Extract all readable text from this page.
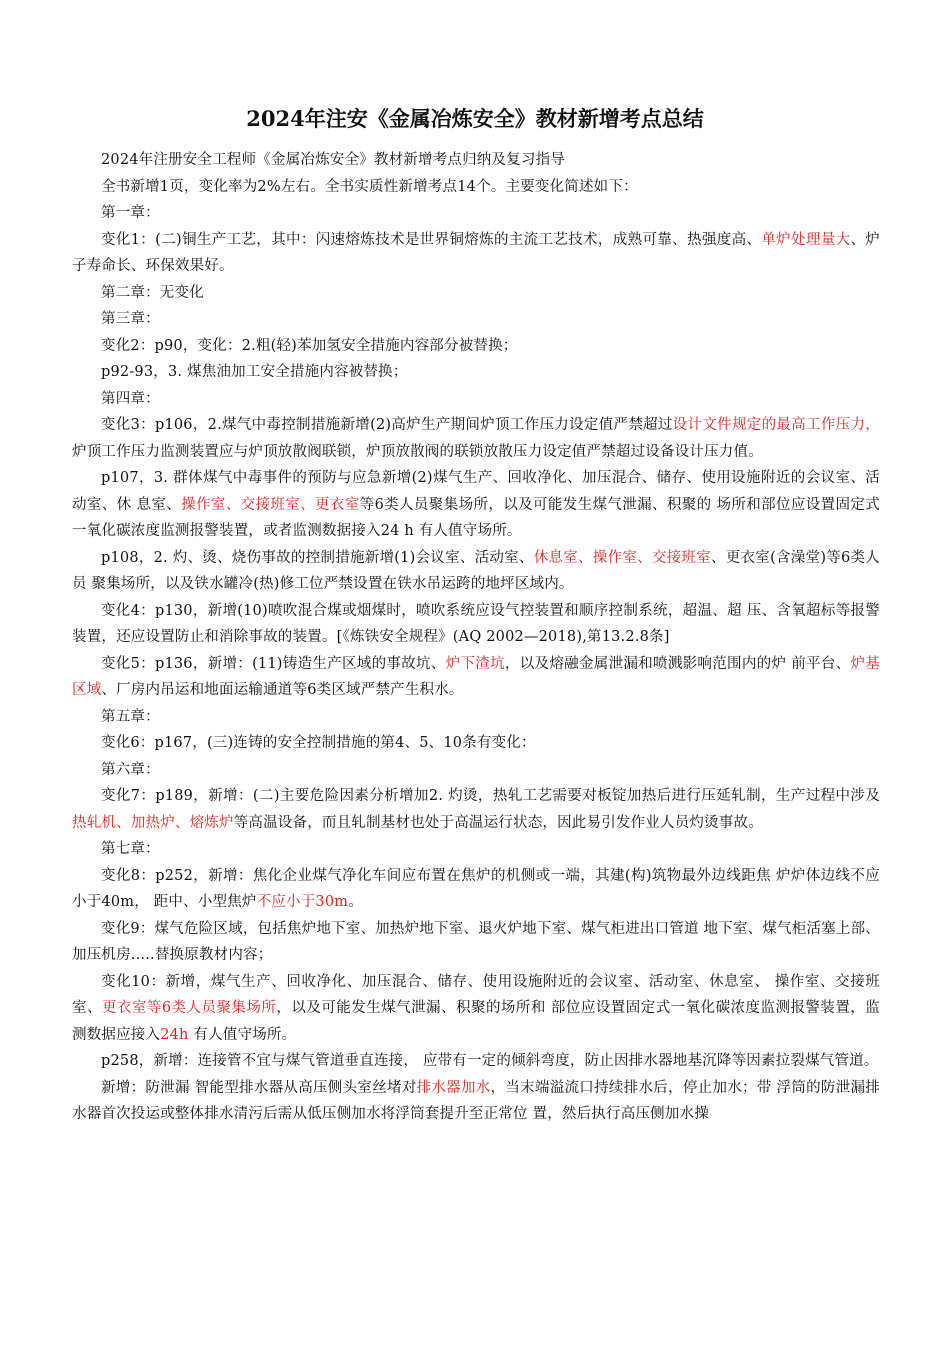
2024年注安《金属冶炼安全》教材新增考点总结

2024年注册安全工程师《金属冶炼安全》教材新增考点归纳及复习指导

全书新增1页，变化率为2%左右。全书实质性新增考点14个。主要变化简述如下：

第一章：

变化1：(二)铜生产工艺，其中：闪速熔炼技术是世界铜熔炼的主流工艺技术，成熟可靠、热强度高、单炉处理量大、炉子寿命长、环保效果好。

第二章：无变化

第三章：

变化2：p90，变化：2.粗(轻)苯加氢安全措施内容部分被替换；

p92-93，3. 煤焦油加工安全措施内容被替换；

第四章：

变化3：p106，2.煤气中毒控制措施新增(2)高炉生产期间炉顶工作压力设定值严禁超过设计文件规定的最高工作压力，炉顶工作压力监测装置应与炉顶放散阀联锁，炉顶放散阀的联锁放散压力设定值严禁超过设备设计压力值。

p107，3. 群体煤气中毒事件的预防与应急新增(2)煤气生产、回收净化、加压混合、储存、使用设施附近的会议室、活动室、休 息室、操作室、交接班室、更衣室等6类人员聚集场所，以及可能发生煤气泄漏、积聚的 场所和部位应设置固定式一氧化碳浓度监测报警装置，或者监测数据接入24 h 有人值守场所。

p108，2. 灼、烫、烧伤事故的控制措施新增(1)会议室、活动室、休息室、操作室、交接班室、更衣室(含澡堂)等6类人员 聚集场所，以及铁水罐冷(热)修工位严禁设置在铁水吊运跨的地坪区域内。

变化4：p130，新增(10)喷吹混合煤或烟煤时，喷吹系统应设气控装置和顺序控制系统，超温、超 压、含氧超标等报警装置，还应设置防止和消除事故的装置。[《炼铁安全规程》(AQ 2002—2018),第13.2.8条]

变化5：p136，新增：(11)铸造生产区域的事故坑、炉下渣坑，以及熔融金属泄漏和喷溅影响范围内的炉 前平台、炉基区域、厂房内吊运和地面运输通道等6类区域严禁产生积水。

第五章：

变化6：p167，(三)连铸的安全控制措施的第4、5、10条有变化：

第六章：

变化7：p189，新增：(二)主要危险因素分析增加2. 灼烫，热轧工艺需要对板锭加热后进行压延轧制，生产过程中涉及热轧机、加热炉、熔炼炉等高温设备，而且轧制基材也处于高温运行状态，因此易引发作业人员灼烫事故。

第七章：

变化8：p252，新增：焦化企业煤气净化车间应布置在焦炉的机侧或一端，其建(构)筑物最外边线距焦 炉炉体边线不应小于40m， 距中、小型焦炉不应小于30m。

变化9：煤气危险区域，包括焦炉地下室、加热炉地下室、退火炉地下室、煤气柜进出口管道 地下室、煤气柜活塞上部、加压机房.....替换原教材内容；

变化10：新增，煤气生产、回收净化、加压混合、储存、使用设施附近的会议室、活动室、休息室、 操作室、交接班室、更衣室等6类人员聚集场所，以及可能发生煤气泄漏、积聚的场所和 部位应设置固定式一氧化碳浓度监测报警装置，监测数据应接入24h 有人值守场所。

p258，新增：连接管不宜与煤气管道垂直连接， 应带有一定的倾斜弯度，防止因排水器地基沉降等因素拉裂煤气管道。

新增：防泄漏 智能型排水器从高压侧头室丝堵对排水器加水，当末端溢流口持续排水后，停止加水；带 浮筒的防泄漏排水器首次投运或整体排水清污后需从低压侧加水将浮筒套提升至正常位 置，然后执行高压侧加水操
